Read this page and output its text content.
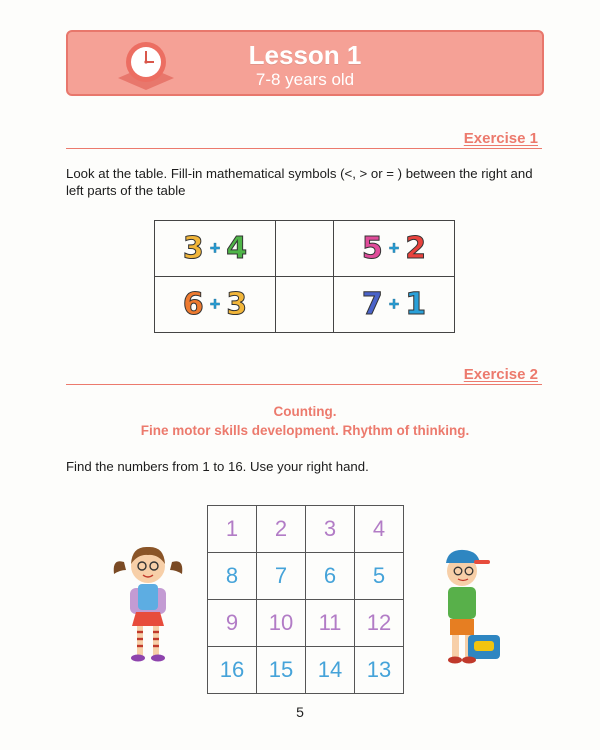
Lesson 1
7-8 years old
Exercise 1
Look at the table. Fill-in mathematical symbols (<, > or = ) between the right and left parts of the table
3 + 4		5 + 2
6 + 3		7 + 1
Exercise 2
Counting.
Fine motor skills development. Rhythm of thinking.
Find the numbers from 1 to 16. Use your right hand.
1	2	3	4
8	7	6	5
9	10	11	12
16	15	14	13
5
